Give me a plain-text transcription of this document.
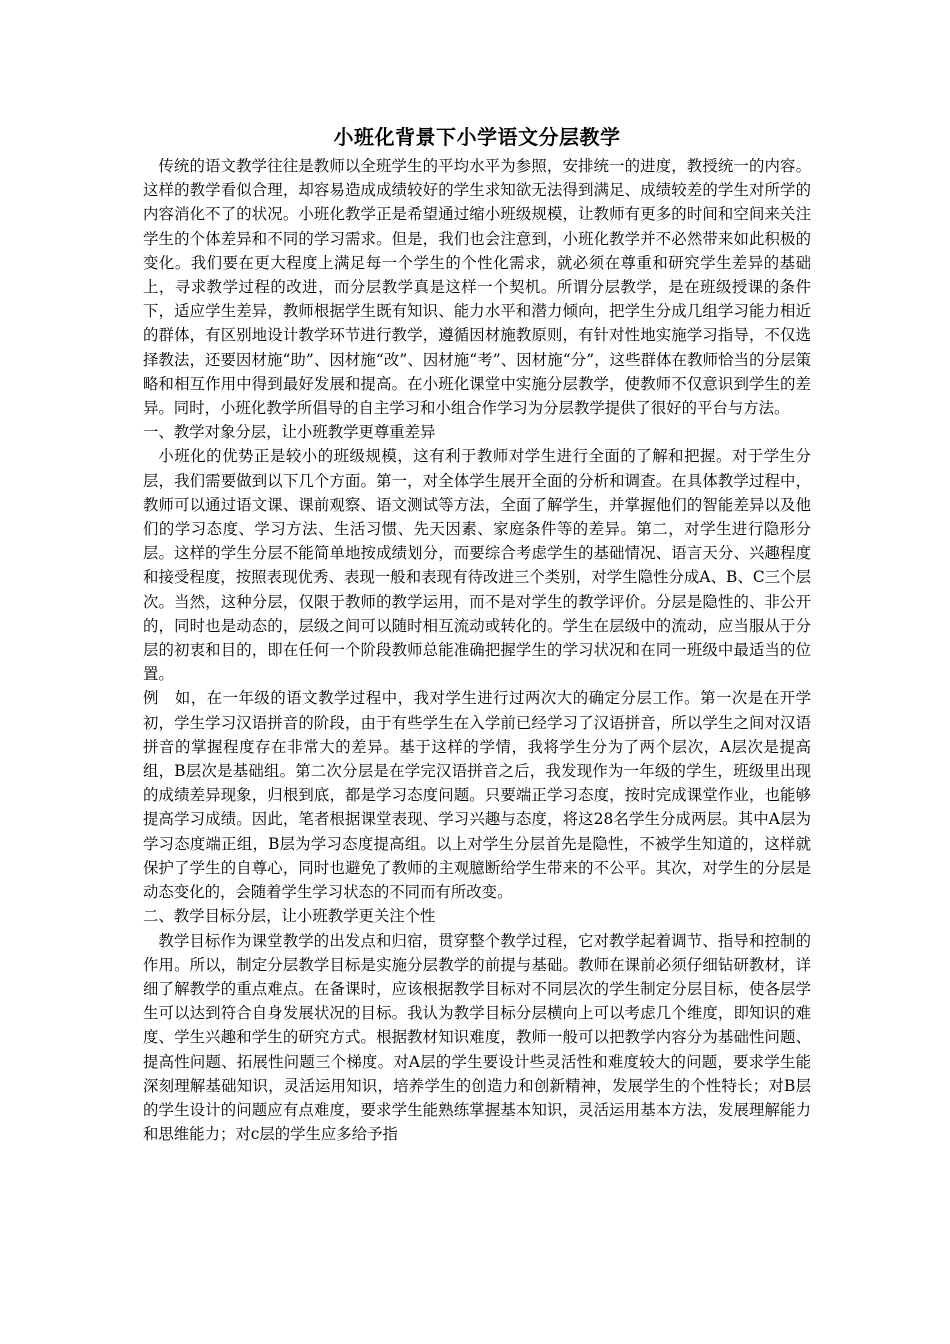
小班化背景下小学语文分层教学

传统的语文教学往往是教师以全班学生的平均水平为参照，安排统一的进度，教授统一的内容。这样的教学看似合理，却容易造成成绩较好的学生求知欲无法得到满足、成绩较差的学生对所学的内容消化不了的状况。小班化教学正是希望通过缩小班级规模，让教师有更多的时间和空间来关注学生的个体差异和不同的学习需求。但是，我们也会注意到，小班化教学并不必然带来如此积极的变化。我们要在更大程度上满足每一个学生的个性化需求，就必须在尊重和研究学生差异的基础上，寻求教学过程的改进，而分层教学真是这样一个契机。所谓分层教学，是在班级授课的条件下，适应学生差异，教师根据学生既有知识、能力水平和潜力倾向，把学生分成几组学习能力相近的群体，有区别地设计教学环节进行教学，遵循因材施教原则，有针对性地实施学习指导，不仅选择教法，还要因材施“助”、因材施“改”、因材施“考”、因材施“分”，这些群体在教师恰当的分层策略和相互作用中得到最好发展和提高。在小班化课堂中实施分层教学，使教师不仅意识到学生的差异。同时，小班化教学所倡导的自主学习和小组合作学习为分层教学提供了很好的平台与方法。

一、教学对象分层，让小班教学更尊重差异

小班化的优势正是较小的班级规模，这有利于教师对学生进行全面的了解和把握。对于学生分层，我们需要做到以下几个方面。第一，对全体学生展开全面的分析和调查。在具体教学过程中，教师可以通过语文课、课前观察、语文测试等方法，全面了解学生，并掌握他们的智能差异以及他们的学习态度、学习方法、生活习惯、先天因素、家庭条件等的差异。第二，对学生进行隐形分层。这样的学生分层不能简单地按成绩划分，而要综合考虑学生的基础情况、语言天分、兴趣程度和接受程度，按照表现优秀、表现一般和表现有待改进三个类别，对学生隐性分成A、B、C三个层次。当然，这种分层，仅限于教师的教学运用，而不是对学生的教学评价。分层是隐性的、非公开的，同时也是动态的，层级之间可以随时相互流动或转化的。学生在层级中的流动，应当服从于分层的初衷和目的，即在任何一个阶段教师总能准确把握学生的学习状况和在同一班级中最适当的位置。

例　如，在一年级的语文教学过程中，我对学生进行过两次大的确定分层工作。第一次是在开学初，学生学习汉语拼音的阶段，由于有些学生在入学前已经学习了汉语拼音，所以学生之间对汉语拼音的掌握程度存在非常大的差异。基于这样的学情，我将学生分为了两个层次，A层次是提高组，B层次是基础组。第二次分层是在学完汉语拼音之后，我发现作为一年级的学生，班级里出现的成绩差异现象，归根到底，都是学习态度问题。只要端正学习态度，按时完成课堂作业，也能够提高学习成绩。因此，笔者根据课堂表现、学习兴趣与态度，将这28名学生分成两层。其中A层为学习态度端正组，B层为学习态度提高组。以上对学生分层首先是隐性，不被学生知道的，这样就保护了学生的自尊心，同时也避免了教师的主观臆断给学生带来的不公平。其次，对学生的分层是动态变化的，会随着学生学习状态的不同而有所改变。

二、教学目标分层，让小班教学更关注个性

教学目标作为课堂教学的出发点和归宿，贯穿整个教学过程，它对教学起着调节、指导和控制的作用。所以，制定分层教学目标是实施分层教学的前提与基础。教师在课前必须仔细钻研教材，详细了解教学的重点难点。在备课时，应该根据教学目标对不同层次的学生制定分层目标，使各层学生可以达到符合自身发展状况的目标。我认为教学目标分层横向上可以考虑几个维度，即知识的难度、学生兴趣和学生的研究方式。根据教材知识难度，教师一般可以把教学内容分为基础性问题、提高性问题、拓展性问题三个梯度。对A层的学生要设计些灵活性和难度较大的问题，要求学生能深刻理解基础知识，灵活运用知识，培养学生的创造力和创新精神，发展学生的个性特长；对B层的学生设计的问题应有点难度，要求学生能熟练掌握基本知识，灵活运用基本方法，发展理解能力和思维能力；对c层的学生应多给予指
